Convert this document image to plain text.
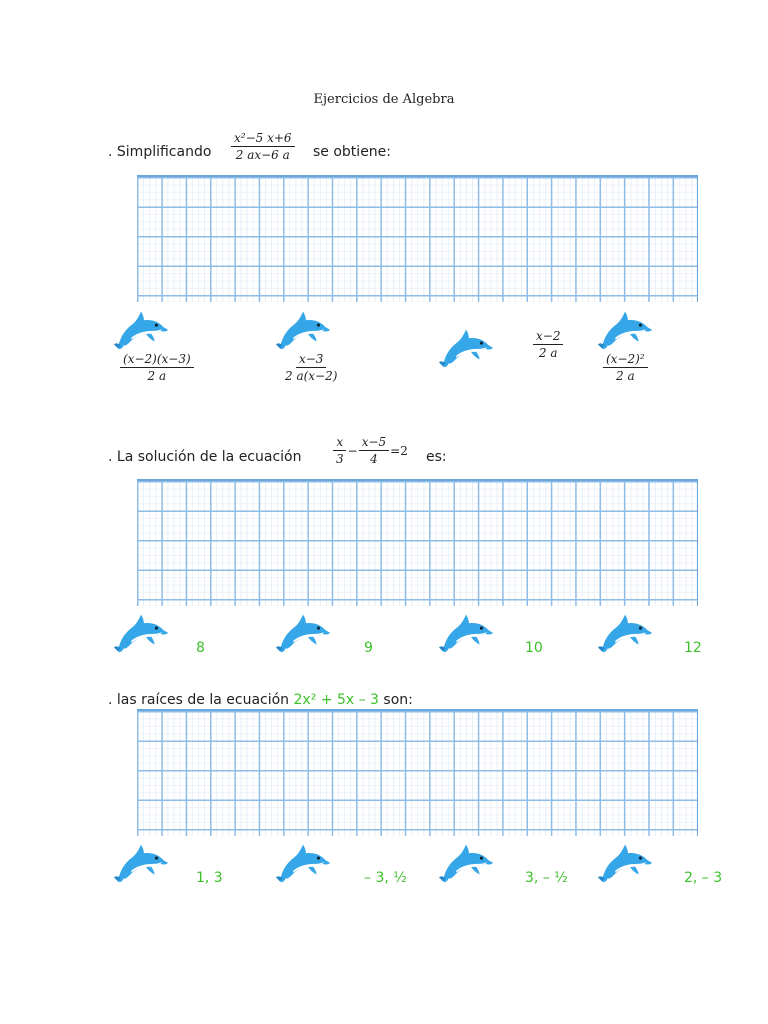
Ejercicios de Algebra
. Simplificando $\frac{\text{x²−5 x+6}}{2 ax-6 a}$ se obtiene:
$\frac{(x-2)(x-3)}{2 a}$	$\frac{x-3}{2 a(x-2)}$
$\frac{x-2}{2 a}$
$\frac{\text{(x−2)²}}{2 a}$
. La solución de la ecuación	$\frac{x}{3} - \frac{x-5}{4} =2$ es:
8	9	10	12
. las raíces de la ecuación 2x² + 5x – 3 son:
1, 3	– 3, ½	3, – ½	2, – 3
